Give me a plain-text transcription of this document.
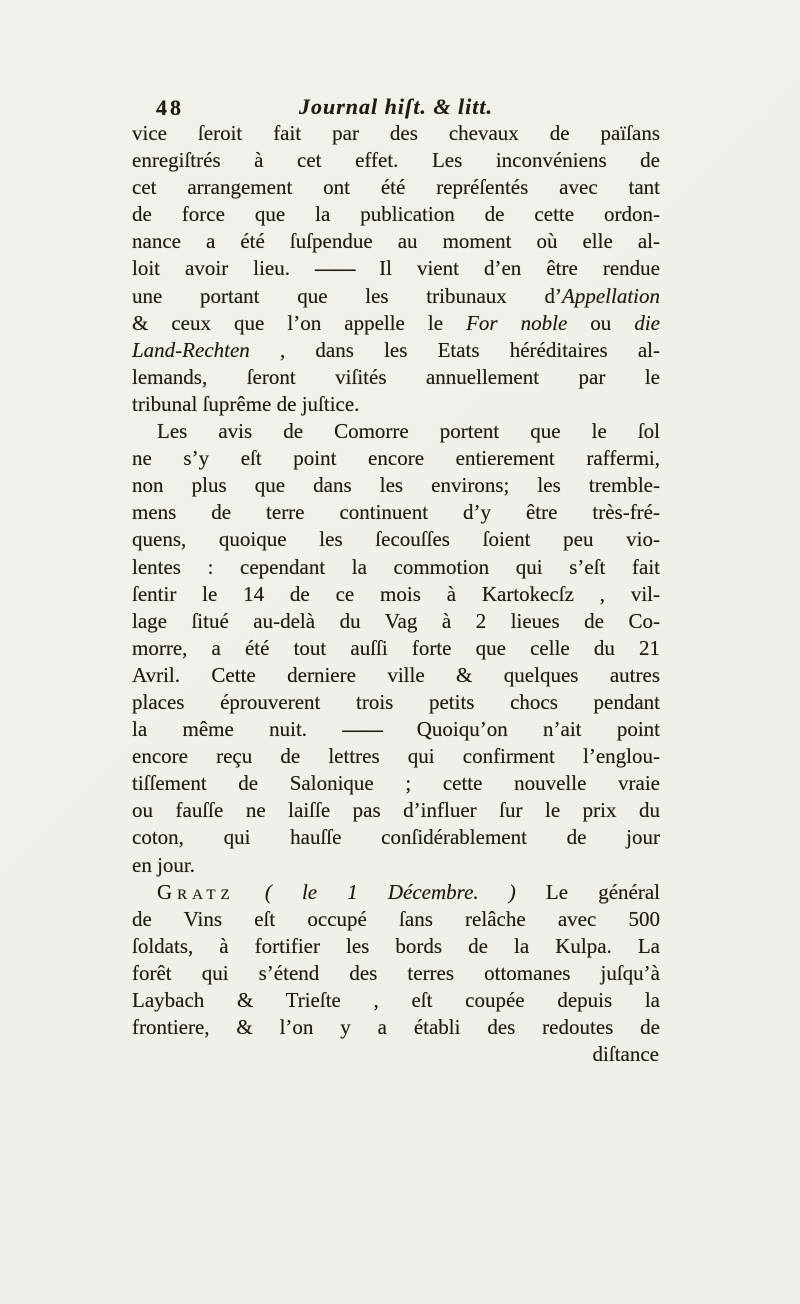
48	Journal hiſt. & litt.
vice ſeroit fait par des chevaux de païſans
enregiſtrés à cet effet. Les inconvéniens de
cet arrangement ont été repréſentés avec tant
de force que la publication de cette ordon-
nance a été ſuſpendue au moment où elle al-
loit avoir lieu. —— Il vient d’en être rendue
une portant que les tribunaux d’Appellation
& ceux que l’on appelle le For noble ou die
Land-Rechten , dans les Etats héréditaires al-
lemands, ſeront viſités annuellement par le
tribunal ſuprême de juſtice.
Les avis de Comorre portent que le ſol
ne s’y eſt point encore entierement raffermi,
non plus que dans les environs; les tremble-
mens de terre continuent d’y être très-fré-
quens, quoique les ſecouſſes ſoient peu vio-
lentes : cependant la commotion qui s’eſt fait
ſentir le 14 de ce mois à Kartokecſz , vil-
lage ſitué au-delà du Vag à 2 lieues de Co-
morre, a été tout auſſi forte que celle du 21
Avril. Cette derniere ville & quelques autres
places éprouverent trois petits chocs pendant
la même nuit. —— Quoiqu’on n’ait point
encore reçu de lettres qui confirment l’englou-
tiſſement de Salonique ; cette nouvelle vraie
ou fauſſe ne laiſſe pas d’influer ſur le prix du
coton, qui hauſſe conſidérablement de jour
en jour.
Gratz ( le 1 Décembre. ) Le général
de Vins eſt occupé ſans relâche avec 500
ſoldats, à fortifier les bords de la Kulpa. La
forêt qui s’étend des terres ottomanes juſqu’à
Laybach & Trieſte , eſt coupée depuis la
frontiere, & l’on y a établi des redoutes de
diſtance
